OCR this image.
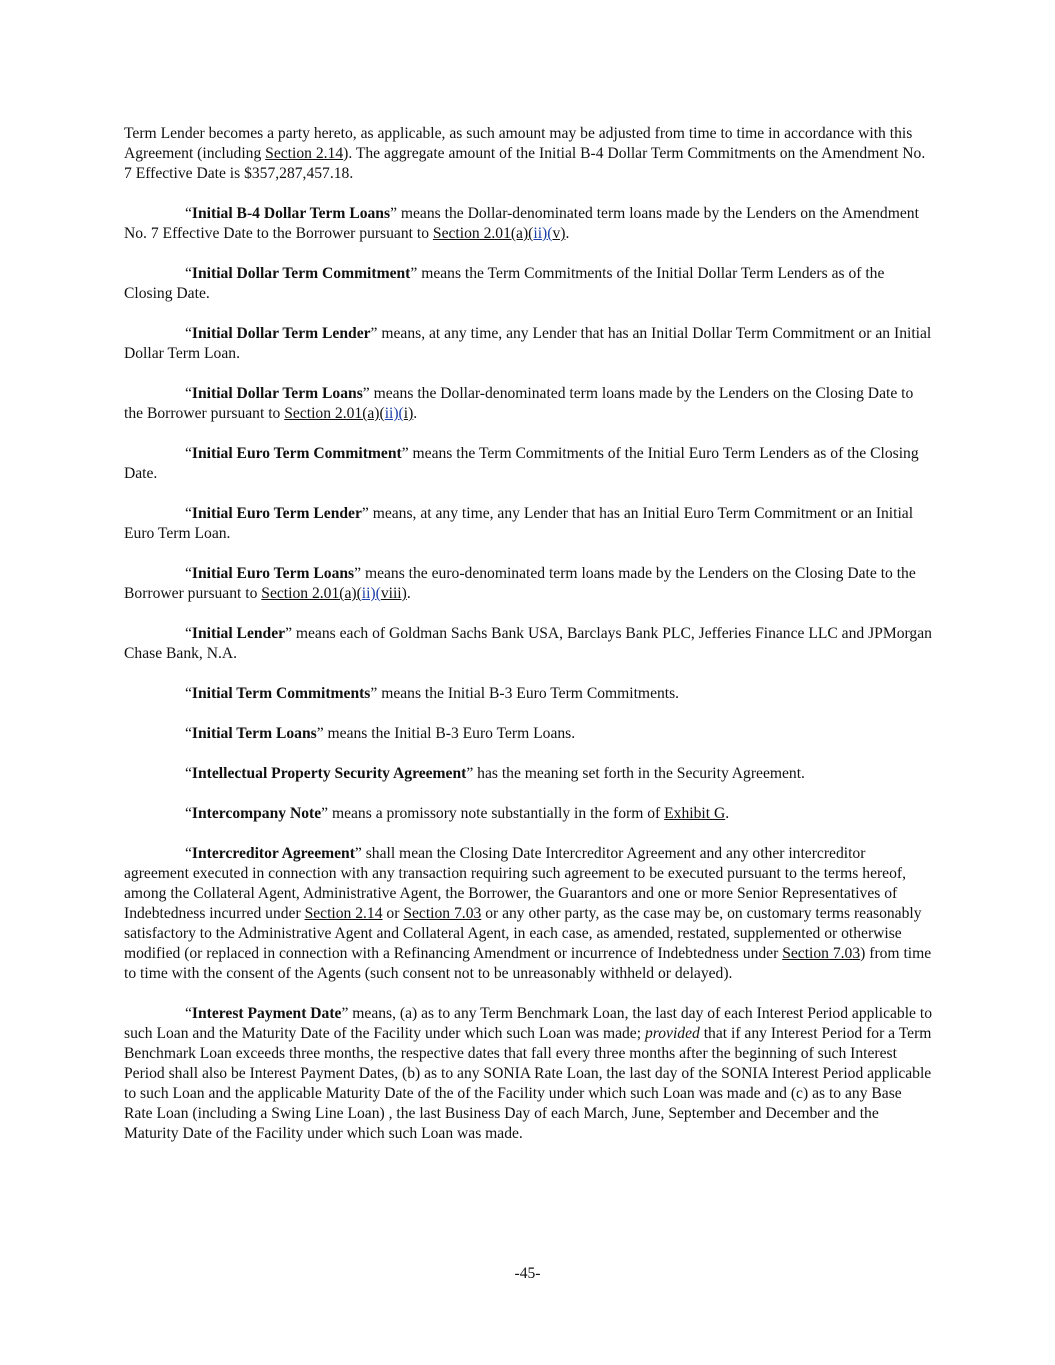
Term Lender becomes a party hereto, as applicable, as such amount may be adjusted from time to time in accordance with this Agreement (including Section 2.14). The aggregate amount of the Initial B-4 Dollar Term Commitments on the Amendment No. 7 Effective Date is $357,287,457.18.

“Initial B-4 Dollar Term Loans” means the Dollar-denominated term loans made by the Lenders on the Amendment No. 7 Effective Date to the Borrower pursuant to Section 2.01(a)(ii)(v).

“Initial Dollar Term Commitment” means the Term Commitments of the Initial Dollar Term Lenders as of the Closing Date.

“Initial Dollar Term Lender” means, at any time, any Lender that has an Initial Dollar Term Commitment or an Initial Dollar Term Loan.

“Initial Dollar Term Loans” means the Dollar-denominated term loans made by the Lenders on the Closing Date to the Borrower pursuant to Section 2.01(a)(ii)(i).

“Initial Euro Term Commitment” means the Term Commitments of the Initial Euro Term Lenders as of the Closing Date.

“Initial Euro Term Lender” means, at any time, any Lender that has an Initial Euro Term Commitment or an Initial Euro Term Loan.

“Initial Euro Term Loans” means the euro-denominated term loans made by the Lenders on the Closing Date to the Borrower pursuant to Section 2.01(a)(ii)(viii).

“Initial Lender” means each of Goldman Sachs Bank USA, Barclays Bank PLC, Jefferies Finance LLC and JPMorgan Chase Bank, N.A.

“Initial Term Commitments” means the Initial B-3 Euro Term Commitments.

“Initial Term Loans” means the Initial B-3 Euro Term Loans.

“Intellectual Property Security Agreement” has the meaning set forth in the Security Agreement.

“Intercompany Note” means a promissory note substantially in the form of Exhibit G.

“Intercreditor Agreement” shall mean the Closing Date Intercreditor Agreement and any other intercreditor agreement executed in connection with any transaction requiring such agreement to be executed pursuant to the terms hereof, among the Collateral Agent, Administrative Agent, the Borrower, the Guarantors and one or more Senior Representatives of Indebtedness incurred under Section 2.14 or Section 7.03 or any other party, as the case may be, on customary terms reasonably satisfactory to the Administrative Agent and Collateral Agent, in each case, as amended, restated, supplemented or otherwise modified (or replaced in connection with a Refinancing Amendment or incurrence of Indebtedness under Section 7.03) from time to time with the consent of the Agents (such consent not to be unreasonably withheld or delayed).

“Interest Payment Date” means, (a) as to any Term Benchmark Loan, the last day of each Interest Period applicable to such Loan and the Maturity Date of the Facility under which such Loan was made; provided that if any Interest Period for a Term Benchmark Loan exceeds three months, the respective dates that fall every three months after the beginning of such Interest Period shall also be Interest Payment Dates, (b) as to any SONIA Rate Loan, the last day of the SONIA Interest Period applicable to such Loan and the applicable Maturity Date of the of the Facility under which such Loan was made and (c) as to any Base Rate Loan (including a Swing Line Loan) , the last Business Day of each March, June, September and December and the Maturity Date of the Facility under which such Loan was made.

-45-
